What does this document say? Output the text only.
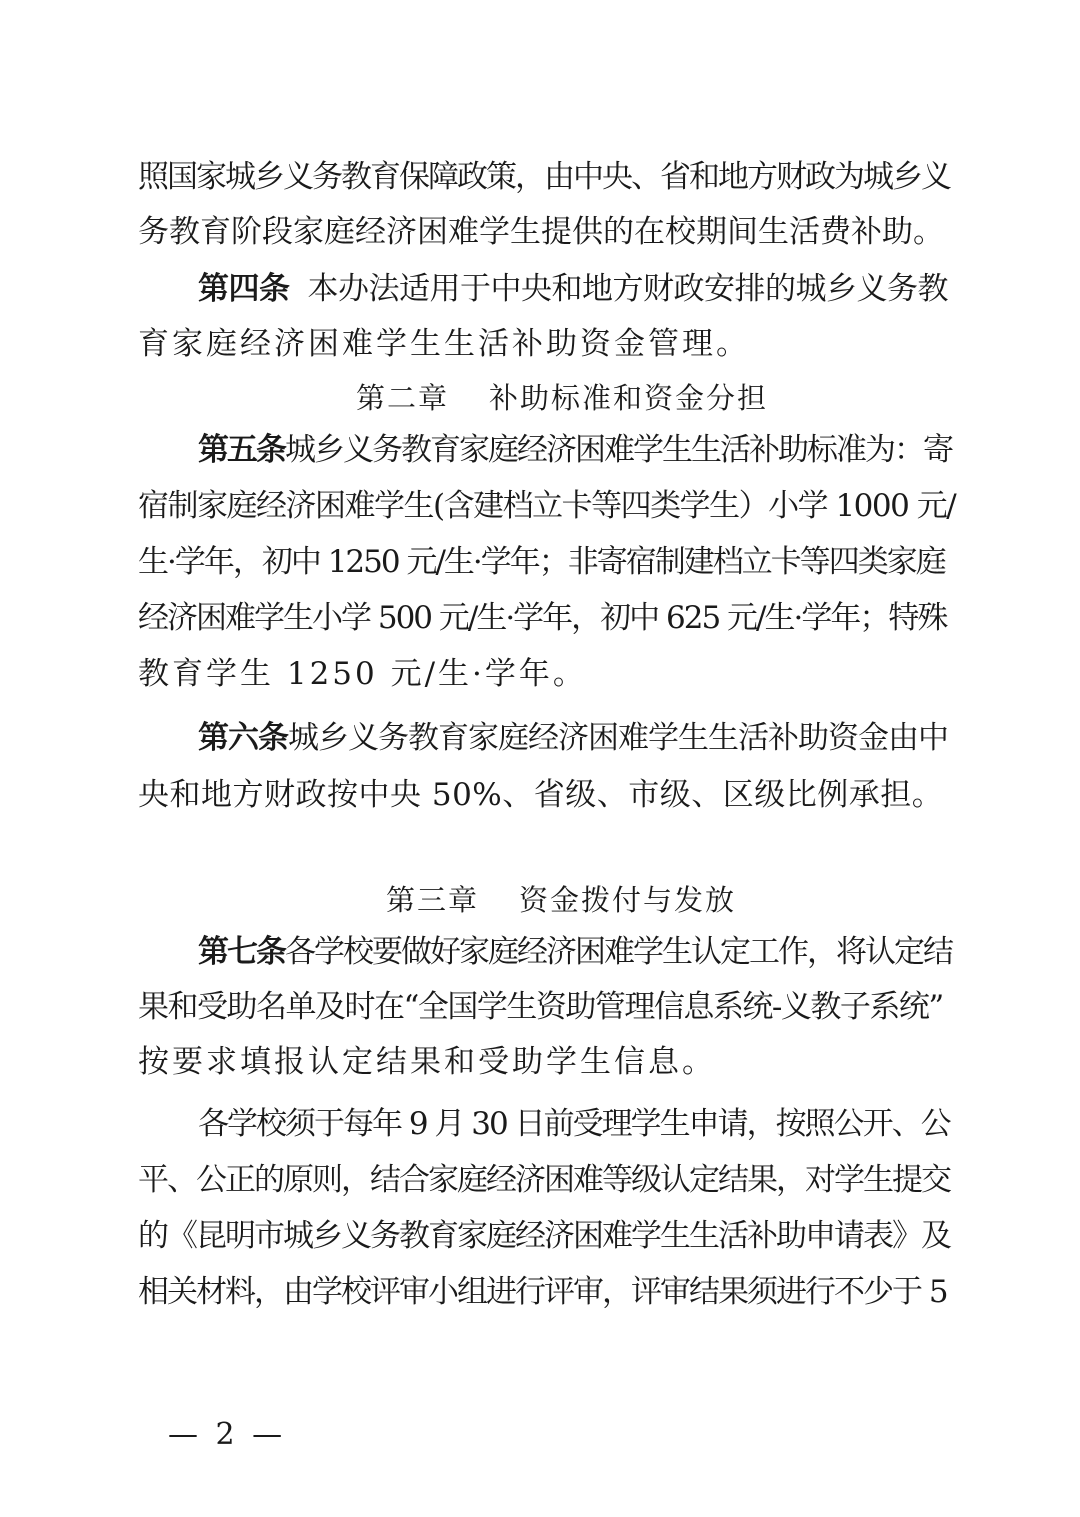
照国家城乡义务教育保障政策，由中央、省和地方财政为城乡义
务教育阶段家庭经济困难学生提供的在校期间生活费补助。
第四条 本办法适用于中央和地方财政安排的城乡义务教
育家庭经济困难学生生活补助资金管理。
第二章 补助标准和资金分担
第五条城乡义务教育家庭经济困难学生生活补助标准为：寄
宿制家庭经济困难学生(含建档立卡等四类学生）小学 1000 元/
生·学年，初中 1250 元/生·学年；非寄宿制建档立卡等四类家庭
经济困难学生小学 500 元/生·学年，初中 625 元/生·学年；特殊
教育学生 1250 元/生·学年。
第六条城乡义务教育家庭经济困难学生生活补助资金由中
央和地方财政按中央 50%、省级、市级、区级比例承担。
第三章 资金拨付与发放
第七条各学校要做好家庭经济困难学生认定工作，将认定结
果和受助名单及时在“全国学生资助管理信息系统-义教子系统”
按要求填报认定结果和受助学生信息。
各学校须于每年 9 月 30 日前受理学生申请，按照公开、公
平、公正的原则，结合家庭经济困难等级认定结果，对学生提交
的《昆明市城乡义务教育家庭经济困难学生生活补助申请表》及
相关材料，由学校评审小组进行评审，评审结果须进行不少于 5
— 2 —
